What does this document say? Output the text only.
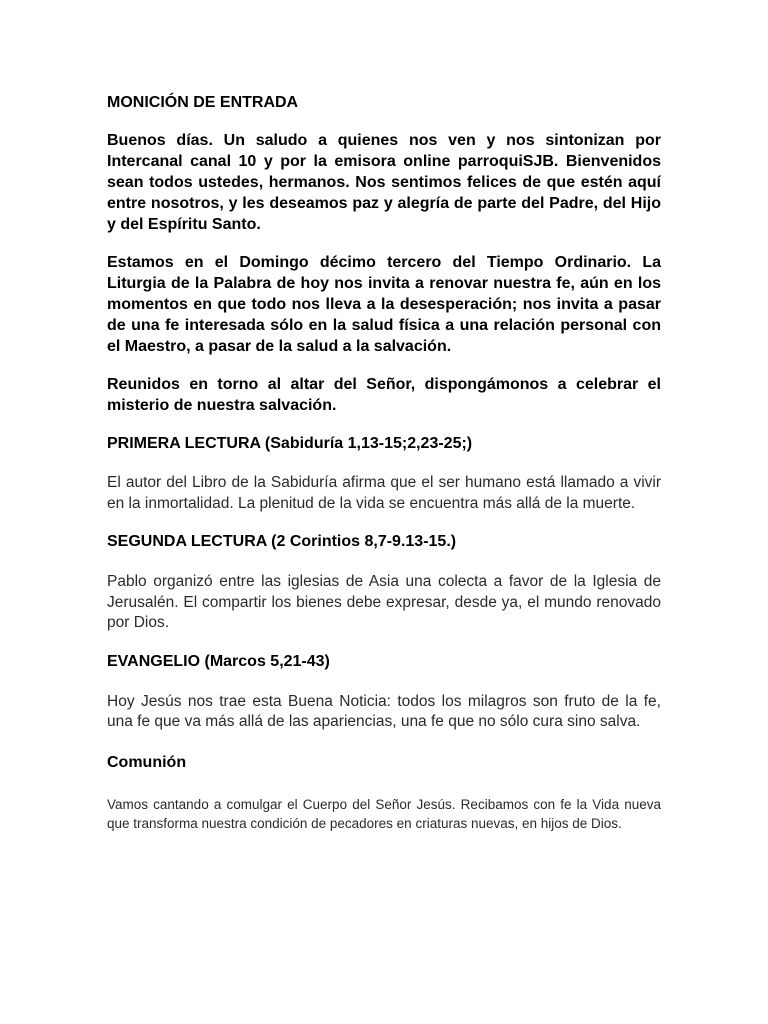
MONICIÓN DE ENTRADA

Buenos días. Un saludo a quienes nos ven y nos sintonizan por Intercanal canal 10 y por la emisora online parroquiSJB. Bienvenidos sean todos ustedes, hermanos. Nos sentimos felices de que estén aquí entre nosotros, y les deseamos paz y alegría de parte del Padre, del Hijo y del Espíritu Santo.

Estamos en el Domingo décimo tercero del Tiempo Ordinario. La Liturgia de la Palabra de hoy nos invita a renovar nuestra fe, aún en los momentos en que todo nos lleva a la desesperación; nos invita a pasar de una fe interesada sólo en la salud física a una relación personal con el Maestro, a pasar de la salud a la salvación.

Reunidos en torno al altar del Señor, dispongámonos a celebrar el misterio de nuestra salvación.

PRIMERA LECTURA (Sabiduría 1,13-15;2,23-25;)

El autor del Libro de la Sabiduría afirma que el ser humano está llamado a vivir en la inmortalidad. La plenitud de la vida se encuentra más allá de la muerte.

SEGUNDA LECTURA (2 Corintios 8,7-9.13-15.)

Pablo organizó entre las iglesias de Asia una colecta a favor de la Iglesia de Jerusalén. El compartir los bienes debe expresar, desde ya, el mundo renovado por Dios.

EVANGELIO (Marcos 5,21-43)

Hoy Jesús nos trae esta Buena Noticia: todos los milagros son fruto de la fe, una fe que va más allá de las apariencias, una fe que no sólo cura sino salva.

Comunión

Vamos cantando a comulgar el Cuerpo del Señor Jesús. Recibamos con fe la Vida nueva que transforma nuestra condición de pecadores en criaturas nuevas, en hijos de Dios.
